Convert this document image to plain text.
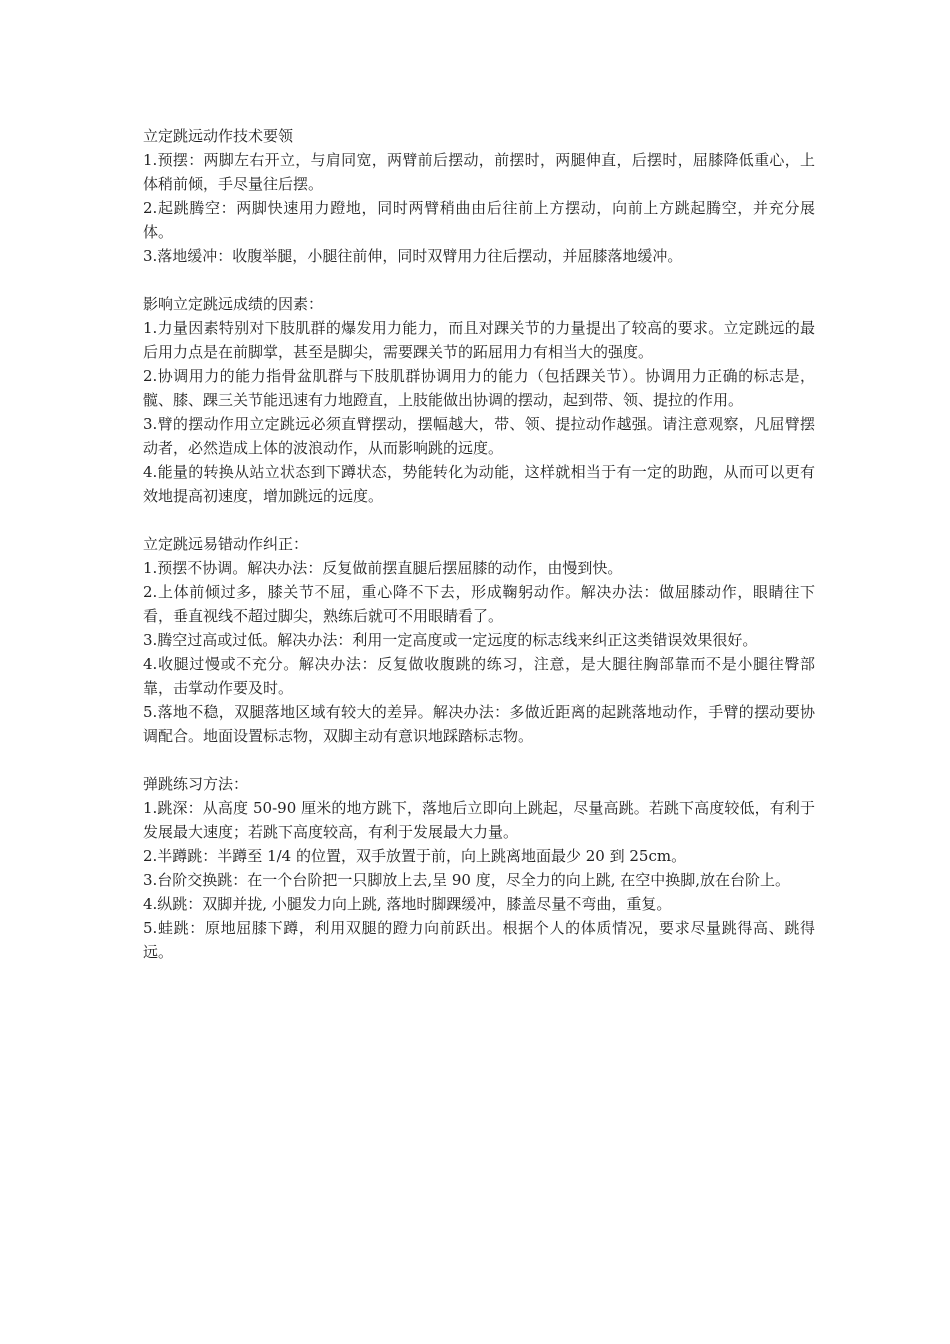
立定跳远动作技术要领

1.预摆：两脚左右开立，与肩同宽，两臂前后摆动，前摆时，两腿伸直，后摆时，屈膝降低重心，上体稍前倾，手尽量往后摆。

2.起跳腾空：两脚快速用力蹬地，同时两臂稍曲由后往前上方摆动，向前上方跳起腾空，并充分展体。

3.落地缓冲：收腹举腿，小腿往前伸，同时双臂用力往后摆动，并屈膝落地缓冲。

影响立定跳远成绩的因素：

1.力量因素特别对下肢肌群的爆发用力能力，而且对踝关节的力量提出了较高的要求。立定跳远的最后用力点是在前脚掌，甚至是脚尖，需要踝关节的跖屈用力有相当大的强度。

2.协调用力的能力指骨盆肌群与下肢肌群协调用力的能力（包括踝关节）。协调用力正确的标志是，髋、膝、踝三关节能迅速有力地蹬直，上肢能做出协调的摆动，起到带、领、提拉的作用。

3.臂的摆动作用立定跳远必须直臂摆动，摆幅越大，带、领、提拉动作越强。请注意观察，凡屈臂摆动者，必然造成上体的波浪动作，从而影响跳的远度。

4.能量的转换从站立状态到下蹲状态，势能转化为动能，这样就相当于有一定的助跑，从而可以更有效地提高初速度，增加跳远的远度。

立定跳远易错动作纠正：

1.预摆不协调。解决办法：反复做前摆直腿后摆屈膝的动作，由慢到快。

2.上体前倾过多，膝关节不屈，重心降不下去，形成鞠躬动作。解决办法：做屈膝动作，眼睛往下看，垂直视线不超过脚尖，熟练后就可不用眼睛看了。

3.腾空过高或过低。解决办法：利用一定高度或一定远度的标志线来纠正这类错误效果很好。

4.收腿过慢或不充分。解决办法：反复做收腹跳的练习，注意，是大腿往胸部靠而不是小腿往臀部靠，击掌动作要及时。

5.落地不稳，双腿落地区域有较大的差异。解决办法：多做近距离的起跳落地动作，手臂的摆动要协调配合。地面设置标志物，双脚主动有意识地踩踏标志物。

弹跳练习方法：

1.跳深：从高度 50-90 厘米的地方跳下，落地后立即向上跳起，尽量高跳。若跳下高度较低，有利于发展最大速度；若跳下高度较高，有利于发展最大力量。

2.半蹲跳：半蹲至 1/4 的位置，双手放置于前，向上跳离地面最少 20 到 25cm。

3.台阶交换跳：在一个台阶把一只脚放上去,呈 90 度，尽全力的向上跳, 在空中换脚,放在台阶上。

4.纵跳：双脚并拢, 小腿发力向上跳, 落地时脚踝缓冲，膝盖尽量不弯曲，重复。

5.蛙跳：原地屈膝下蹲，利用双腿的蹬力向前跃出。根据个人的体质情况，要求尽量跳得高、跳得远。
